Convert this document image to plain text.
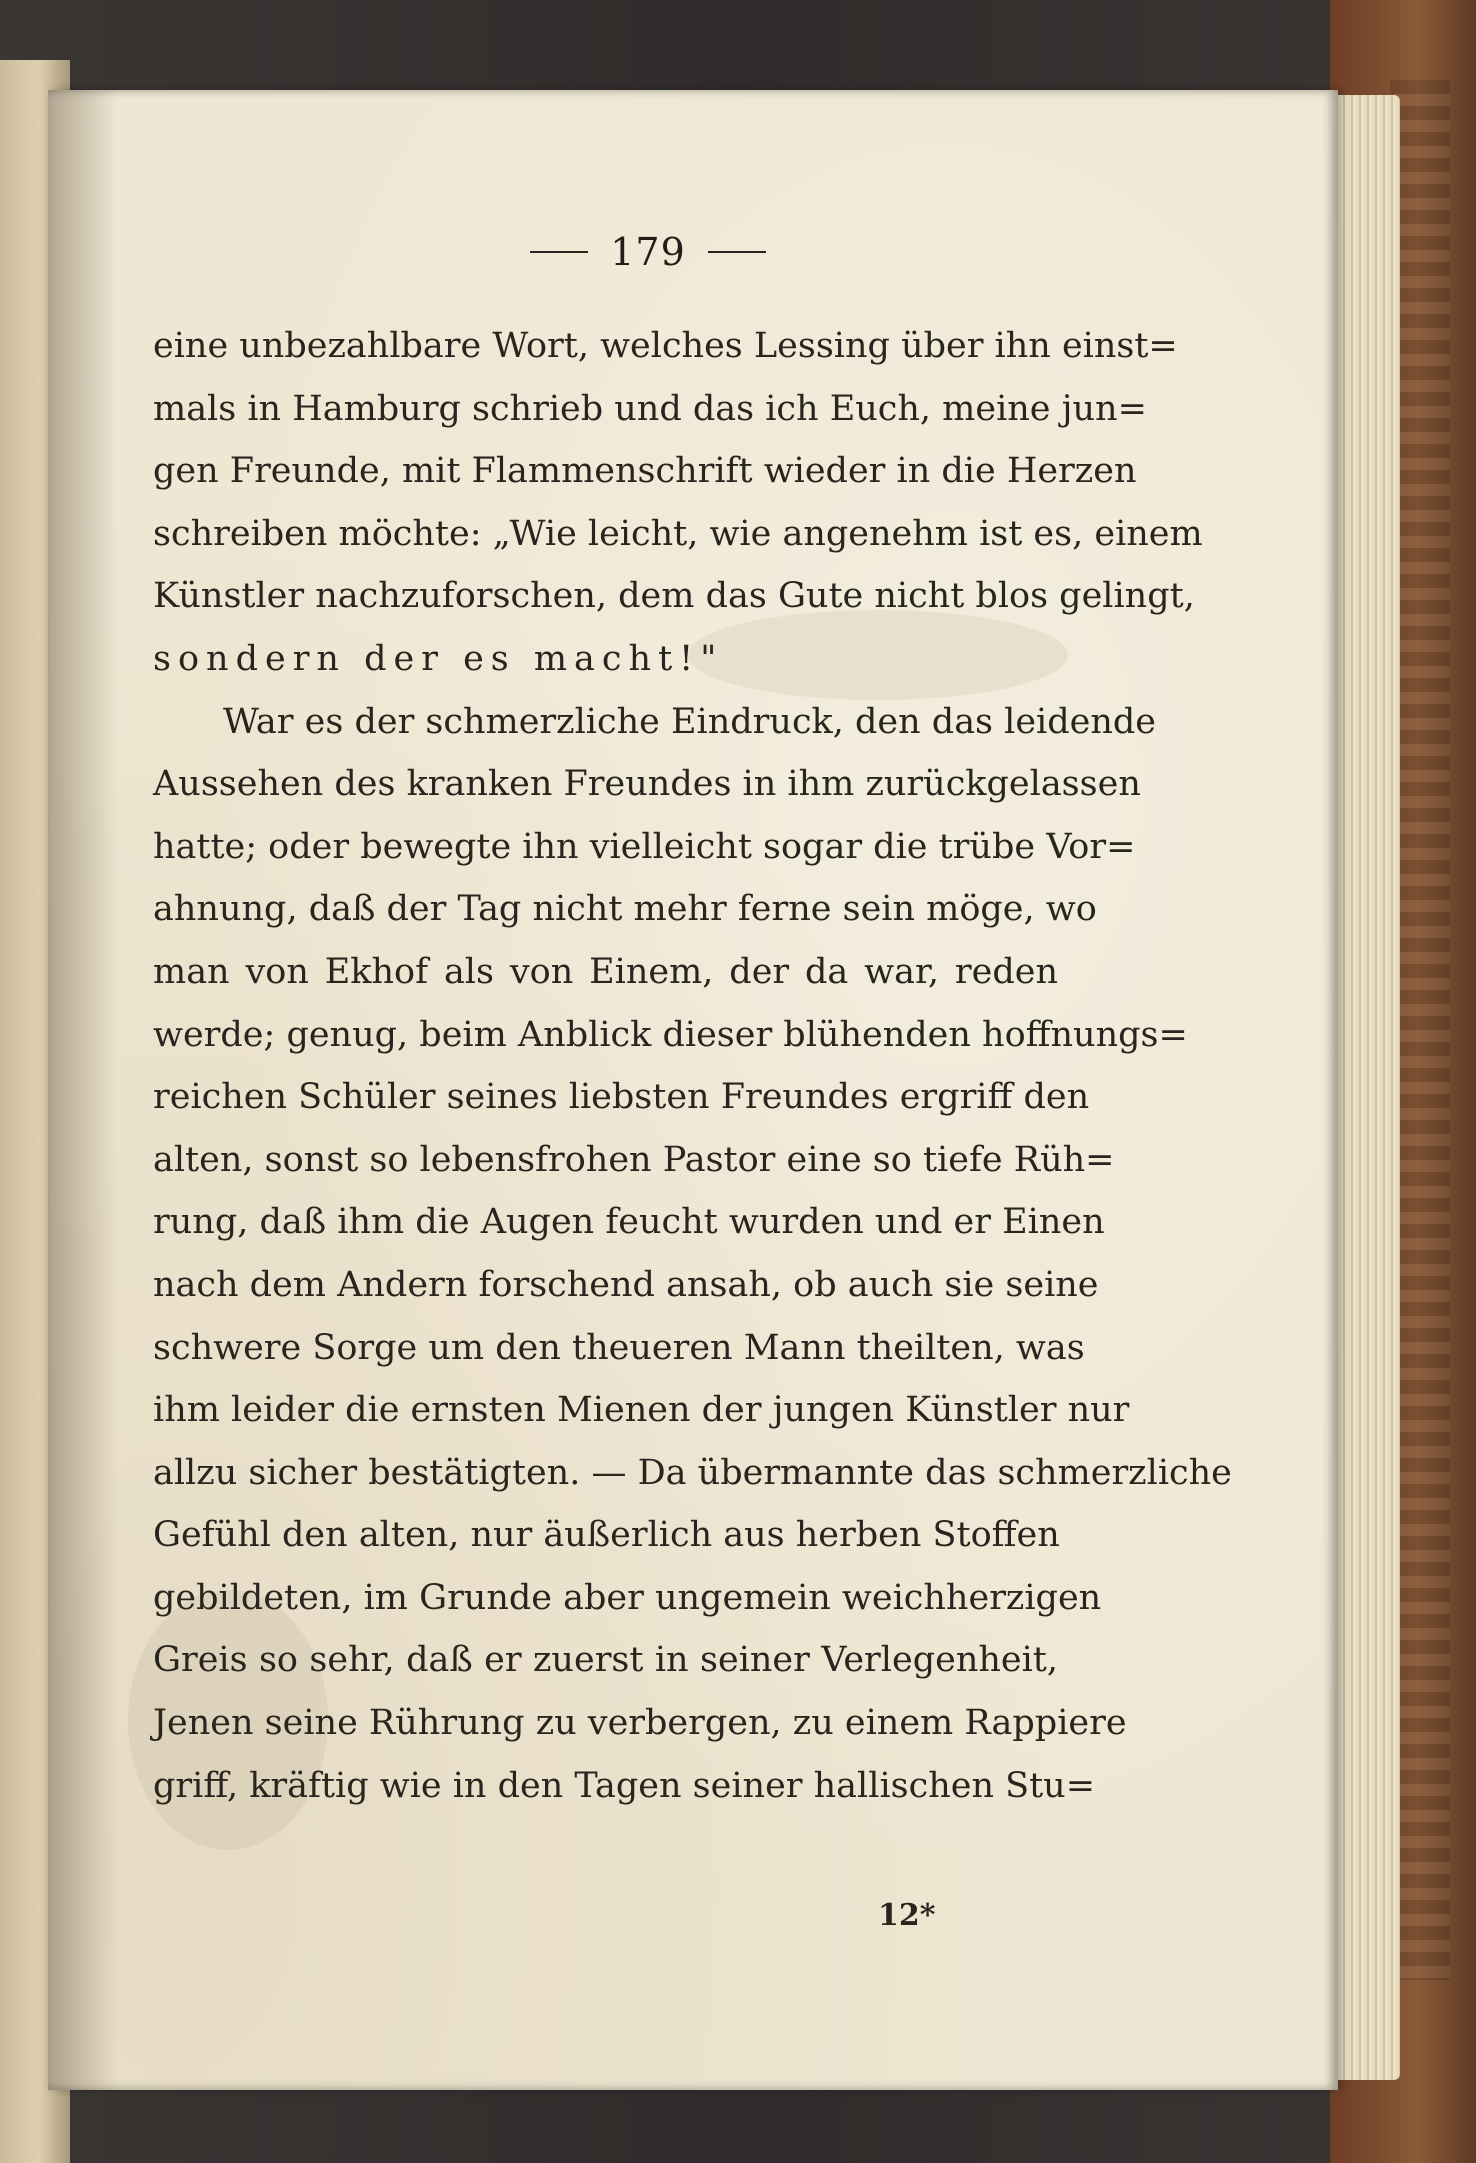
179
eine unbezahlbare Wort, welches Lessing über ihn einst=
mals in Hamburg schrieb und das ich Euch, meine jun=
gen Freunde, mit Flammenschrift wieder in die Herzen
schreiben möchte: „Wie leicht, wie angenehm ist es, einem
Künstler nachzuforschen, dem das Gute nicht blos gelingt,
sondern der es macht!"
War es der schmerzliche Eindruck, den das leidende
Aussehen des kranken Freundes in ihm zurückgelassen
hatte; oder bewegte ihn vielleicht sogar die trübe Vor=
ahnung, daß der Tag nicht mehr ferne sein möge, wo
man von Ekhof als von Einem, der da war, reden
werde; genug, beim Anblick dieser blühenden hoffnungs=
reichen Schüler seines liebsten Freundes ergriff den
alten, sonst so lebensfrohen Pastor eine so tiefe Rüh=
rung, daß ihm die Augen feucht wurden und er Einen
nach dem Andern forschend ansah, ob auch sie seine
schwere Sorge um den theueren Mann theilten, was
ihm leider die ernsten Mienen der jungen Künstler nur
allzu sicher bestätigten. — Da übermannte das schmerzliche
Gefühl den alten, nur äußerlich aus herben Stoffen
gebildeten, im Grunde aber ungemein weichherzigen
Greis so sehr, daß er zuerst in seiner Verlegenheit,
Jenen seine Rührung zu verbergen, zu einem Rappiere
griff, kräftig wie in den Tagen seiner hallischen Stu=
12*
